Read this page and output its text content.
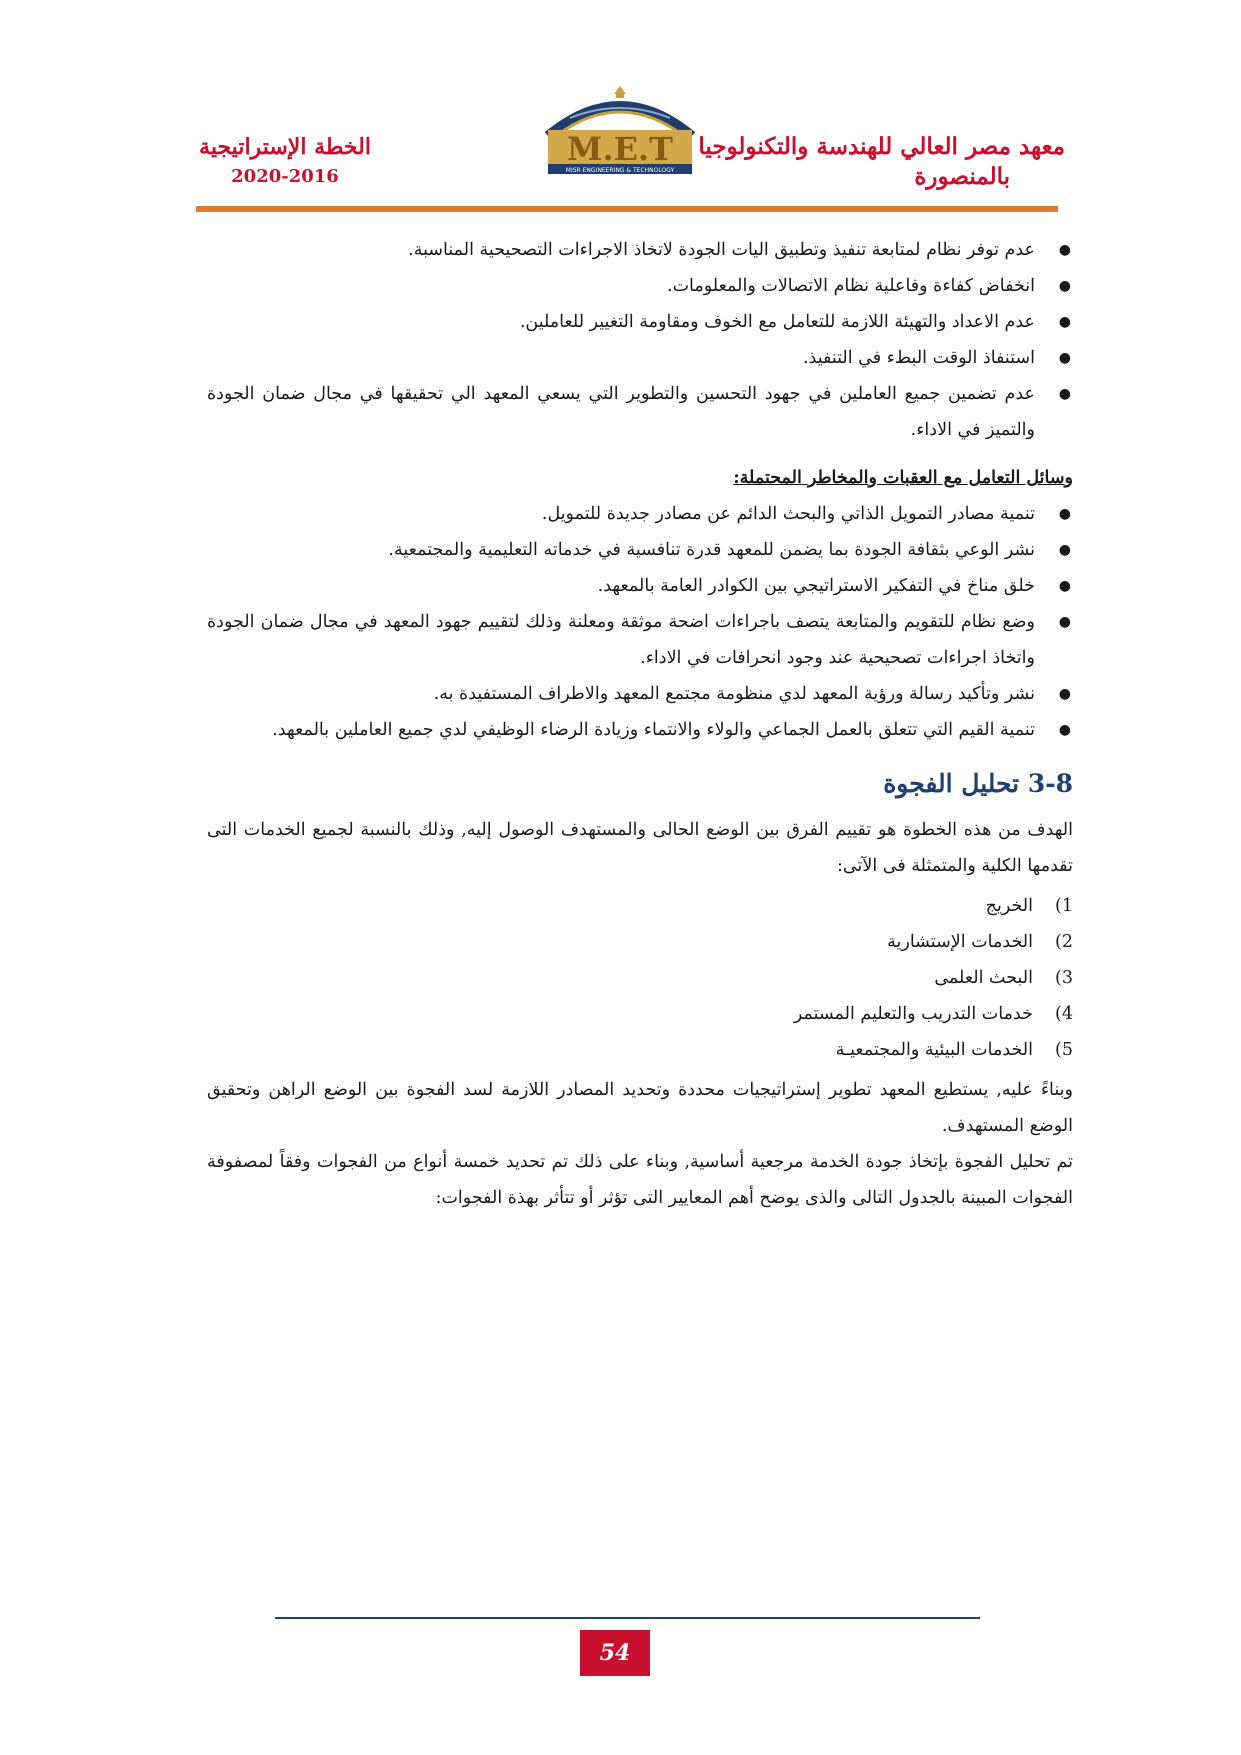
معهد مصر العالي للهندسة والتكنولوجيا
بالمنصورة
M.E.T
MISR ENGINEERING & TECHNOLOGY
الخطة الإستراتيجية
2020-2016
●
عدم توفر نظام لمتابعة تنفيذ وتطبيق اليات الجودة لاتخاذ الاجراءات التصحيحية المناسبة.
●
انخفاض كفاءة وفاعلية نظام الاتصالات والمعلومات.
●
عدم الاعداد والتهيئة اللازمة للتعامل مع الخوف ومقاومة التغيير للعاملين.
●
استنفاذ الوقت البطء في التنفيذ.
●
عدم تضمين جميع العاملين في جهود التحسين والتطوير التي يسعي المعهد الي تحقيقها في مجال ضمان الجودة والتميز في الاداء.
وسائل التعامل مع العقبات والمخاطر المحتملة:
●
تنمية مصادر التمويل الذاتي والبحث الدائم عن مصادر جديدة للتمويل.
●
نشر الوعي بثقافة الجودة بما يضمن للمعهد قدرة تنافسية في خدماته التعليمية والمجتمعية.
●
خلق مناخ في التفكير الاستراتيجي بين الكوادر العامة بالمعهد.
●
وضع نظام للتقويم والمتابعة يتصف باجراءات اضحة موثقة ومعلنة وذلك لتقييم جهود المعهد في مجال ضمان الجودة واتخاذ اجراءات تصحيحية عند وجود انحرافات في الاداء.
●
نشر وتأكيد رسالة ورؤية المعهد لدي منظومة مجتمع المعهد والاطراف المستفيدة به.
●
تنمية القيم التي تتعلق بالعمل الجماعي والولاء والانتماء وزيادة الرضاء الوظيفي لدي جميع العاملين بالمعهد.
3-8 تحليل الفجوة

الهدف من هذه الخطوة هو تقييم الفرق بين الوضع الحالى والمستهدف الوصول إليه, وذلك بالنسبة لجميع الخدمات التى تقدمها الكلية والمتمثلة فى الآتى:

1)
الخريج
2)
الخدمات الإستشارية
3)
البحث العلمى
4)
خدمات التدريب والتعليم المستمر
5)
الخدمات البيئية والمجتمعيـة

وبناءً عليه, يستطيع المعهد تطوير إستراتيجيات محددة وتحديد المصادر اللازمة لسد الفجوة بين الوضع الراهن وتحقيق الوضع المستهدف.

تم تحليل الفجوة بإتخاذ جودة الخدمة مرجعية أساسية, وبناء على ذلك تم تحديد خمسة أنواع من الفجوات وفقاً لمصفوفة الفجوات المبينة بالجدول التالى والذى يوضح أهم المعايير التى تؤثر أو تتأثر بهذة الفجوات:

54
